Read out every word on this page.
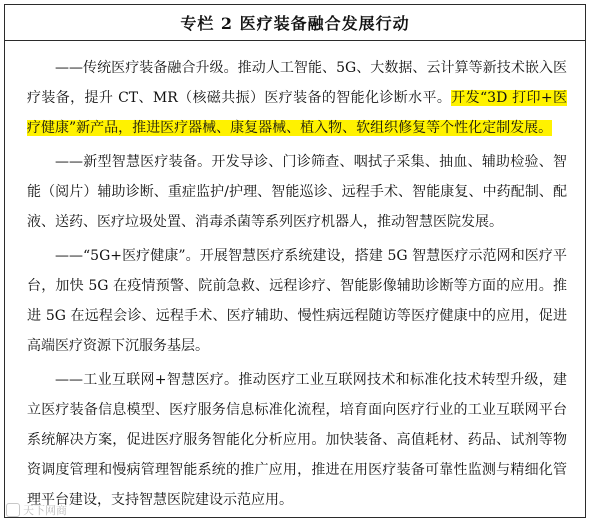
专栏 2 医疗装备融合发展行动

——传统医疗装备融合升级。推动人工智能、5G、大数据、云计算等新技术嵌入医疗装备，提升 CT、MR（核磁共振）医疗装备的智能化诊断水平。开发“3D 打印+医疗健康”新产品，推进医疗器械、康复器械、植入物、软组织修复等个性化定制发展。

——新型智慧医疗装备。开发导诊、门诊筛查、咽拭子采集、抽血、辅助检验、智能（阅片）辅助诊断、重症监护/护理、智能巡诊、远程手术、智能康复、中药配制、配液、送药、医疗垃圾处置、消毒杀菌等系列医疗机器人，推动智慧医院发展。

——“5G+医疗健康”。开展智慧医疗系统建设，搭建 5G 智慧医疗示范网和医疗平台，加快 5G 在疫情预警、院前急救、远程诊疗、智能影像辅助诊断等方面的应用。推进 5G 在远程会诊、远程手术、医疗辅助、慢性病远程随访等医疗健康中的应用，促进高端医疗资源下沉服务基层。

——工业互联网+智慧医疗。推动医疗工业互联网技术和标准化技术转型升级，建立医疗装备信息模型、医疗服务信息标准化流程，培育面向医疗行业的工业互联网平台系统解决方案，促进医疗服务智能化分析应用。加快装备、高值耗材、药品、试剂等物资调度管理和慢病管理智能系统的推广应用，推进在用医疗装备可靠性监测与精细化管理平台建设，支持智慧医院建设示范应用。

天下网商
